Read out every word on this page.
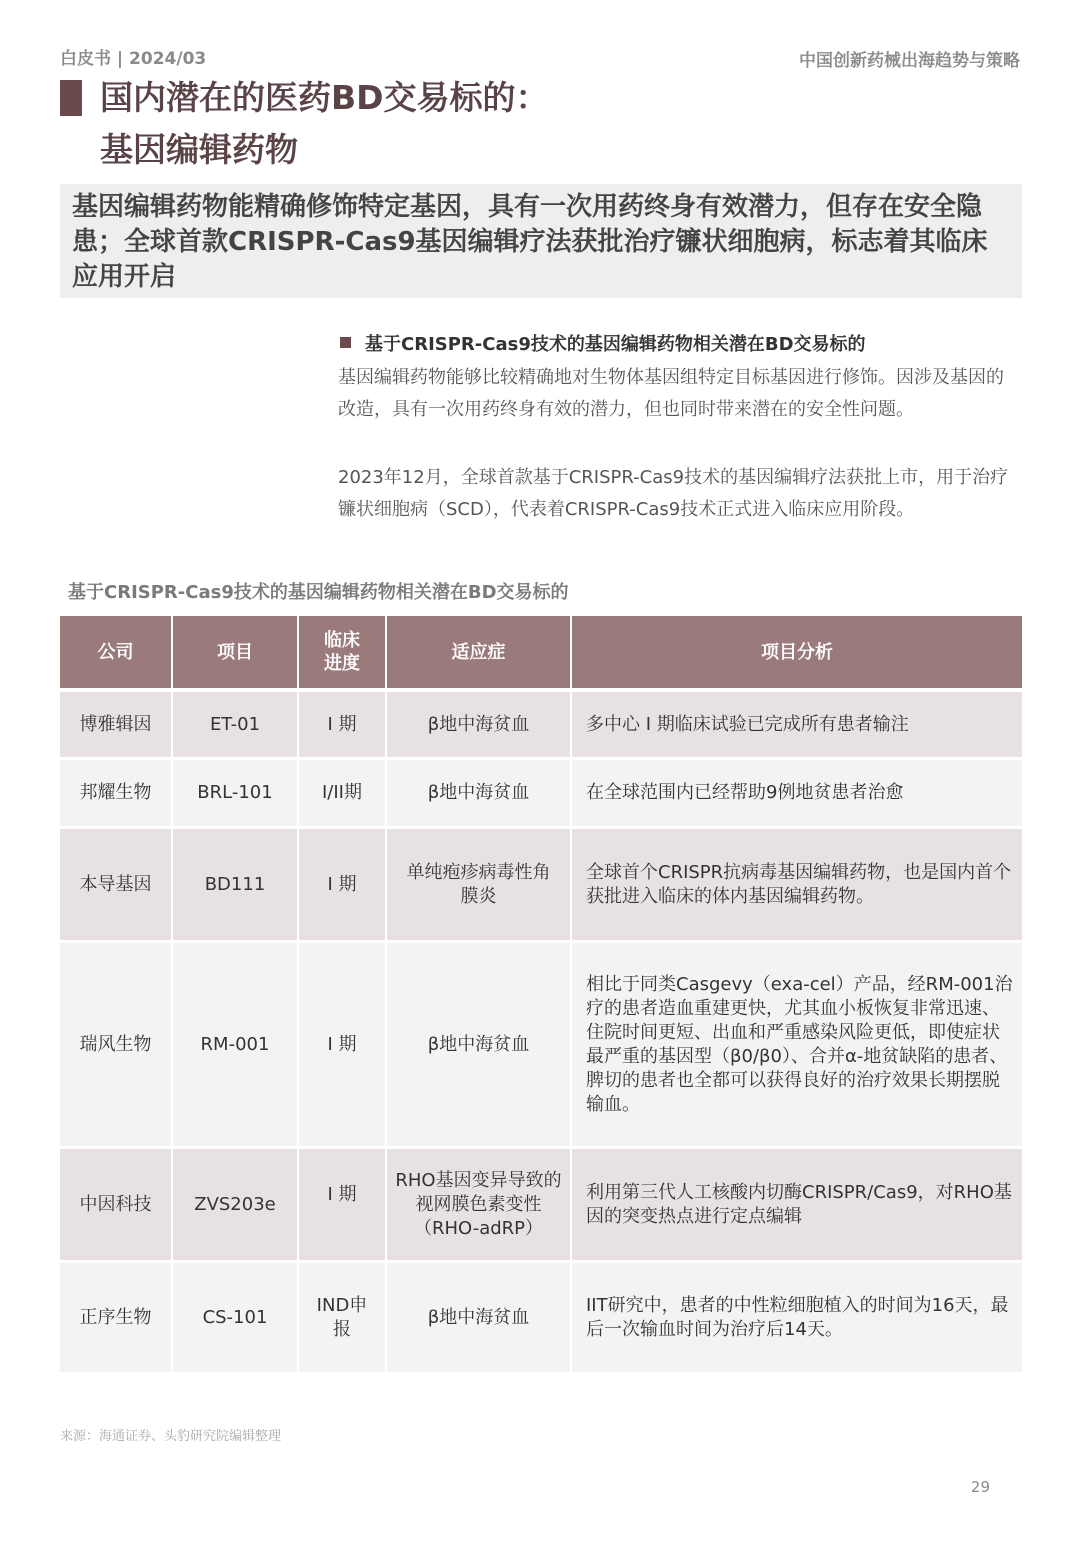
白皮书 | 2024/03	中国创新药械出海趋势与策略
国内潜在的医药BD交易标的：
基因编辑药物
基因编辑药物能精确修饰特定基因，具有一次用药终身有效潜力，但存在安全隐患；全球首款CRISPR-Cas9基因编辑疗法获批治疗镰状细胞病，标志着其临床应用开启
基于CRISPR-Cas9技术的基因编辑药物相关潜在BD交易标的
基因编辑药物能够比较精确地对生物体基因组特定目标基因进行修饰。因涉及基因的改造，具有一次用药终身有效的潜力，但也同时带来潜在的安全性问题。
2023年12月，全球首款基于CRISPR-Cas9技术的基因编辑疗法获批上市，用于治疗镰状细胞病（SCD），代表着CRISPR-Cas9技术正式进入临床应用阶段。
基于CRISPR-Cas9技术的基因编辑药物相关潜在BD交易标的
公司	项目	临床进度	适应症	项目分析
博雅辑因	ET-01	I 期	β地中海贫血	多中心 I 期临床试验已完成所有患者输注
邦耀生物	BRL-101	I/II期	β地中海贫血	在全球范围内已经帮助9例地贫患者治愈
本导基因	BD111	I 期	单纯疱疹病毒性角膜炎	全球首个CRISPR抗病毒基因编辑药物，也是国内首个获批进入临床的体内基因编辑药物。
瑞风生物	RM-001	I 期	β地中海贫血	相比于同类Casgevy（exa-cel）产品，经RM-001治疗的患者造血重建更快，尤其血小板恢复非常迅速、住院时间更短、出血和严重感染风险更低，即使症状最严重的基因型（β0/β0）、合并α-地贫缺陷的患者、脾切的患者也全都可以获得良好的治疗效果长期摆脱输血。
中因科技	ZVS203e	I 期	RHO基因变异导致的视网膜色素变性（RHO-adRP）	利用第三代人工核酸内切酶CRISPR/Cas9，对RHO基因的突变热点进行定点编辑
正序生物	CS-101	IND申报	β地中海贫血	IIT研究中，患者的中性粒细胞植入的时间为16天，最后一次输血时间为治疗后14天。
来源：海通证券、头豹研究院编辑整理
29
